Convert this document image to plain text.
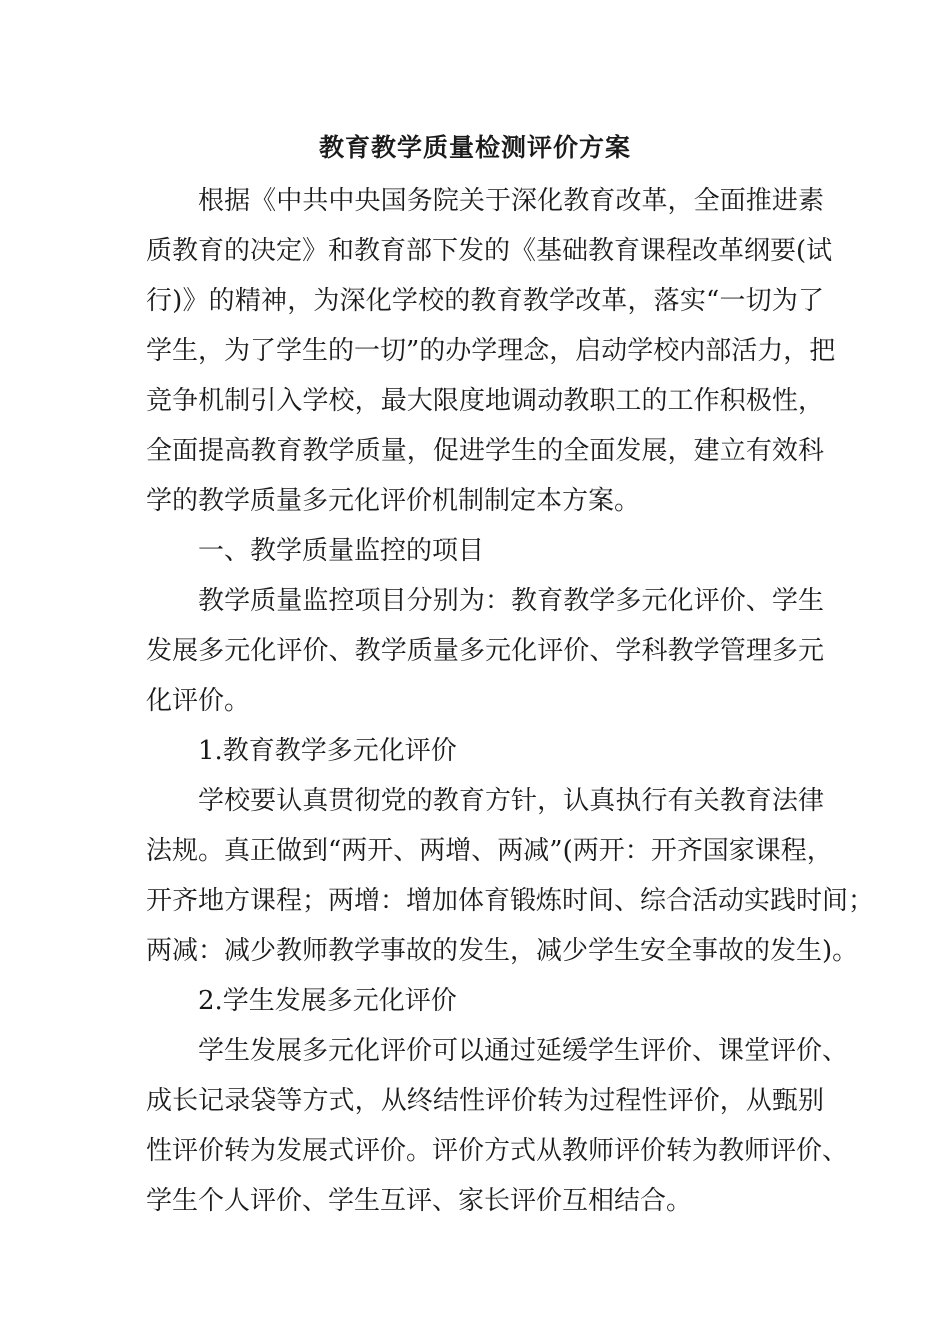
教育教学质量检测评价方案
根据《中共中央国务院关于深化教育改革，全面推进素
质教育的决定》和教育部下发的《基础教育课程改革纲要(试
行)》的精神，为深化学校的教育教学改革，落实“一切为了
学生，为了学生的一切”的办学理念，启动学校内部活力，把
竞争机制引入学校，最大限度地调动教职工的工作积极性，
全面提高教育教学质量，促进学生的全面发展，建立有效科
学的教学质量多元化评价机制制定本方案。
一、教学质量监控的项目
教学质量监控项目分别为：教育教学多元化评价、学生
发展多元化评价、教学质量多元化评价、学科教学管理多元
化评价。
1.教育教学多元化评价
学校要认真贯彻党的教育方针，认真执行有关教育法律
法规。真正做到“两开、两增、两减”(两开：开齐国家课程，
开齐地方课程；两增：增加体育锻炼时间、综合活动实践时间；
两减：减少教师教学事故的发生，减少学生安全事故的发生)。
2.学生发展多元化评价
学生发展多元化评价可以通过延缓学生评价、课堂评价、
成长记录袋等方式，从终结性评价转为过程性评价，从甄别
性评价转为发展式评价。评价方式从教师评价转为教师评价、
学生个人评价、学生互评、家长评价互相结合。
